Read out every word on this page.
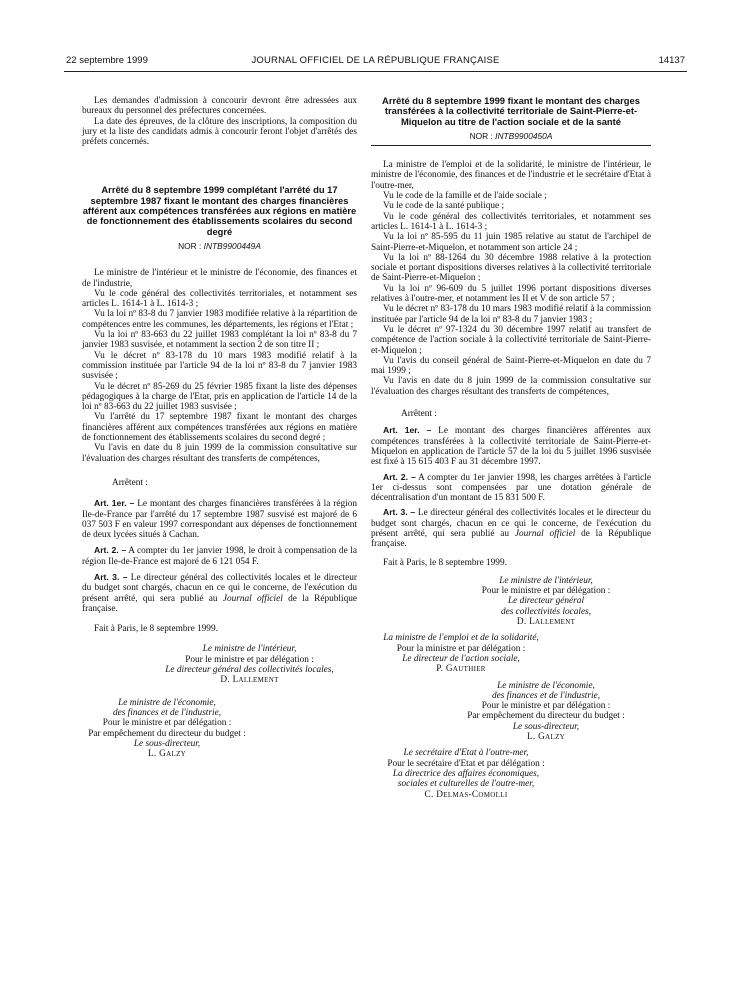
22 septembre 1999	JOURNAL OFFICIEL DE LA RÉPUBLIQUE FRANÇAISE	14137

Les demandes d'admission à concourir devront être adressées aux bureaux du personnel des préfectures concernées.

La date des épreuves, de la clôture des inscriptions, la composition du jury et la liste des candidats admis à concourir feront l'objet d'arrêtés des préfets concernés.

Arrêté du 8 septembre 1999 complétant l'arrêté du 17 septembre 1987 fixant le montant des charges financières afférent aux compétences transférées aux régions en matière de fonctionnement des établissements scolaires du second degré
NOR : INTB9900449A

Le ministre de l'intérieur et le ministre de l'économie, des finances et de l'industrie,

Vu le code général des collectivités territoriales, et notamment ses articles L. 1614-1 à L. 1614-3 ;

Vu la loi nº 83-8 du 7 janvier 1983 modifiée relative à la répartition de compétences entre les communes, les départements, les régions et l'Etat ;

Vu la loi nº 83-663 du 22 juillet 1983 complétant la loi nº 83-8 du 7 janvier 1983 susvisée, et notamment la section 2 de son titre II ;

Vu le décret nº 83-178 du 10 mars 1983 modifié relatif à la commission instituée par l'article 94 de la loi nº 83-8 du 7 janvier 1983 susvisée ;

Vu le décret nº 85-269 du 25 février 1985 fixant la liste des dépenses pédagogiques à la charge de l'Etat, pris en application de l'article 14 de la loi nº 83-663 du 22 juillet 1983 susvisée ;

Vu l'arrêté du 17 septembre 1987 fixant le montant des charges financières afférent aux compétences transférées aux régions en matière de fonctionnement des établissements scolaires du second degré ;

Vu l'avis en date du 8 juin 1999 de la commission consultative sur l'évaluation des charges résultant des transferts de compétences,

Arrêtent :

Art. 1er. – Le montant des charges financières transférées à la région Ile-de-France par l'arrêté du 17 septembre 1987 susvisé est majoré de 6 037 503 F en valeur 1997 correspondant aux dépenses de fonctionnement de deux lycées situés à Cachan.

Art. 2. – A compter du 1er janvier 1998, le droit à compensation de la région Ile-de-France est majoré de 6 121 054 F.

Art. 3. – Le directeur général des collectivités locales et le directeur du budget sont chargés, chacun en ce qui le concerne, de l'exécution du présent arrêté, qui sera publié au Journal officiel de la République française.

Fait à Paris, le 8 septembre 1999.

Le ministre de l'intérieur,
Pour le ministre et par délégation :
Le directeur général des collectivités locales,
D. Lallement
Le ministre de l'économie,
des finances et de l'industrie,
Pour le ministre et par délégation :
Par empêchement du directeur du budget :
Le sous-directeur,
L. Galzy
Arrêté du 8 septembre 1999 fixant le montant des charges transférées à la collectivité territoriale de Saint-Pierre-et-Miquelon au titre de l'action sociale et de la santé
NOR : INTB9900450A

La ministre de l'emploi et de la solidarité, le ministre de l'intérieur, le ministre de l'économie, des finances et de l'industrie et le secrétaire d'Etat à l'outre-mer,

Vu le code de la famille et de l'aide sociale ;

Vu le code de la santé publique ;

Vu le code général des collectivités territoriales, et notamment ses articles L. 1614-1 à L. 1614-3 ;

Vu la loi nº 85-595 du 11 juin 1985 relative au statut de l'archipel de Saint-Pierre-et-Miquelon, et notamment son article 24 ;

Vu la loi nº 88-1264 du 30 décembre 1988 relative à la protection sociale et portant dispositions diverses relatives à la collectivité territoriale de Saint-Pierre-et-Miquelon ;

Vu la loi nº 96-609 du 5 juillet 1996 portant dispositions diverses relatives à l'outre-mer, et notamment les II et V de son article 57 ;

Vu le décret nº 83-178 du 10 mars 1983 modifié relatif à la commission instituée par l'article 94 de la loi nº 83-8 du 7 janvier 1983 ;

Vu le décret nº 97-1324 du 30 décembre 1997 relatif au transfert de compétence de l'action sociale à la collectivité territoriale de Saint-Pierre-et-Miquelon ;

Vu l'avis du conseil général de Saint-Pierre-et-Miquelon en date du 7 mai 1999 ;

Vu l'avis en date du 8 juin 1999 de la commission consultative sur l'évaluation des charges résultant des transferts de compétences,

Arrêtent :

Art. 1er. – Le montant des charges financières afférentes aux compétences transférées à la collectivité territoriale de Saint-Pierre-et-Miquelon en application de l'article 57 de la loi du 5 juillet 1996 susvisée est fixé à 15 615 403 F au 31 décembre 1997.

Art. 2. – A compter du 1er janvier 1998, les charges arrêtées à l'article 1er ci-dessus sont compensées par une dotation générale de décentralisation d'un montant de 15 831 500 F.

Art. 3. – Le directeur général des collectivités locales et le directeur du budget sont chargés, chacun en ce qui le concerne, de l'exécution du présent arrêté, qui sera publié au Journal officiel de la République française.

Fait à Paris, le 8 septembre 1999.

Le ministre de l'intérieur,
Pour le ministre et par délégation :
Le directeur général
des collectivités locales,
D. Lallement
La ministre de l'emploi et de la solidarité,
Pour la ministre et par délégation :
Le directeur de l'action sociale,
P. Gauthier
Le ministre de l'économie,
des finances et de l'industrie,
Pour le ministre et par délégation :
Par empêchement du directeur du budget :
Le sous-directeur,
L. Galzy
Le secrétaire d'Etat à l'outre-mer,
Pour le secrétaire d'Etat et par délégation :
La directrice des affaires économiques,
sociales et culturelles de l'outre-mer,
C. Delmas-Comolli
